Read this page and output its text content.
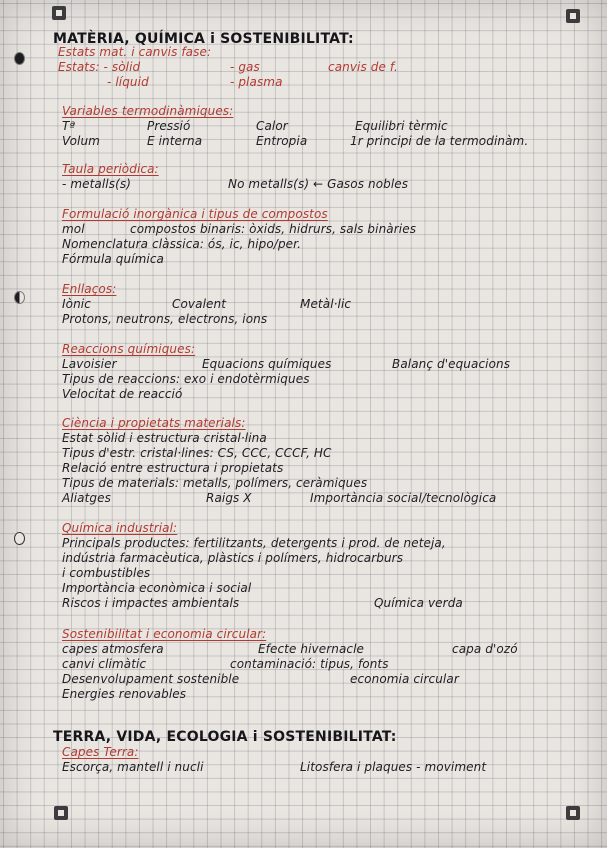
MATÈRIA, QUÍMICA i SOSTENIBILITAT:
Estats mat. i canvis fase:
Estats: - sòlid	- gas	canvis de f.
- líquid	- plasma
Variables termodinàmiques:
Tª	Pressió	Calor	Equilibri tèrmic
Volum	E interna	Entropia	1r principi de la termodinàm.
Taula periòdica:
- metalls(s)	No metalls(s) ← Gasos nobles
Formulació inorgànica i tipus de compostos
mol	compostos binaris: òxids, hidrurs, sals binàries
Nomenclatura clàssica: ós, ic, hipo/per.
Fórmula química
Enllaços:
Iònic	Covalent	Metàl·lic
Protons, neutrons, electrons, ions
Reaccions químiques:
Lavoisier	Equacions químiques	Balanç d'equacions
Tipus de reaccions: exo i endotèrmiques
Velocitat de reacció
Ciència i propietats materials:
Estat sòlid i estructura cristal·lina
Tipus d'estr. cristal·lines: CS, CCC, CCCF, HC
Relació entre estructura i propietats
Tipus de materials: metalls, polímers, ceràmiques
Aliatges	Raigs X	Importància social/tecnològica
Química industrial:
Principals productes: fertilitzants, detergents i prod. de neteja,
indústria farmacèutica, plàstics i polímers, hidrocarburs
i combustibles
Importància econòmica i social
Riscos i impactes ambientals	Química verda
Sostenibilitat i economia circular:
capes atmosfera	Efecte hivernacle	capa d'ozó
canvi climàtic	contaminació: tipus, fonts
Desenvolupament sostenible	economia circular
Energies renovables
TERRA, VIDA, ECOLOGIA i SOSTENIBILITAT:
Capes Terra:
Escorça, mantell i nucli	Litosfera i plaques - moviment
